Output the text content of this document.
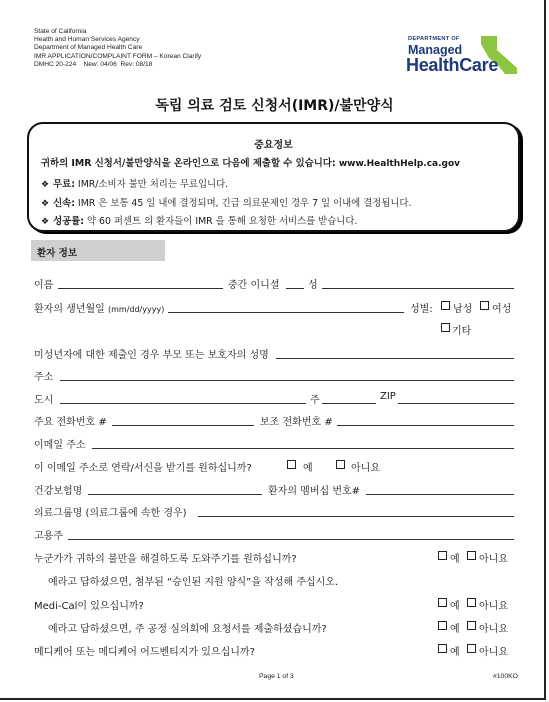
State of California
Health and Human Services Agency
Department of Managed Health Care
IMR APPLICATION/COMPLAINT FORM – Korean Clarify
DMHC 20-224    New: 04/06  Rev: 08/18
DEPARTMENT OF
Managed
HealthCare
독립 의료 검토 신청서(IMR)/불만양식
중요정보
귀하의 IMR 신청서/불만양식을 온라인으로 다음에 제출할 수 있습니다: www.HealthHelp.ca.gov
❖ 무료: IMR/소비자 불만 처리는 무료입니다.
❖ 신속: IMR 은 보통 45 일 내에 결정되며, 긴급 의료문제인 경우 7 일 이내에 결정됩니다.
❖ 성공률: 약 60 퍼센트 의 환자들이 IMR 을 통해 요청한 서비스를 받습니다.
환자 정보
이름	중간 이니셜	성
환자의 생년월일 (mm/dd/yyyy)	성별: 남성 여성
기타
미성년자에 대한 제출인 경우 부모 또는 보호자의 성명
주소
도시	주	ZIP
주요 전화번호 #	보조 전화번호 #
이메일 주소
이 이메일 주소로 연락/서신을 받기를 원하십니까?	예	아니요
건강보험명	환자의 멤버십 번호#
의료그룹명 (의료그룹에 속한 경우)
고용주
누군가가 귀하의 불만을 해결하도록 도와주기를 원하십니까?	예 아니요
예라고 답하셨으면, 첨부된 “승인된 지원 양식”을 작성해 주십시오.
Medi-Cal이 있으십니까?	예 아니요
예라고 답하셨으면, 주 공정 심의회에 요청서를 제출하셨습니까?	예 아니요
메디케어 또는 메디케어 어드벤티지가 있으십니까?	예 아니요
Page 1 of 3	#100KO
